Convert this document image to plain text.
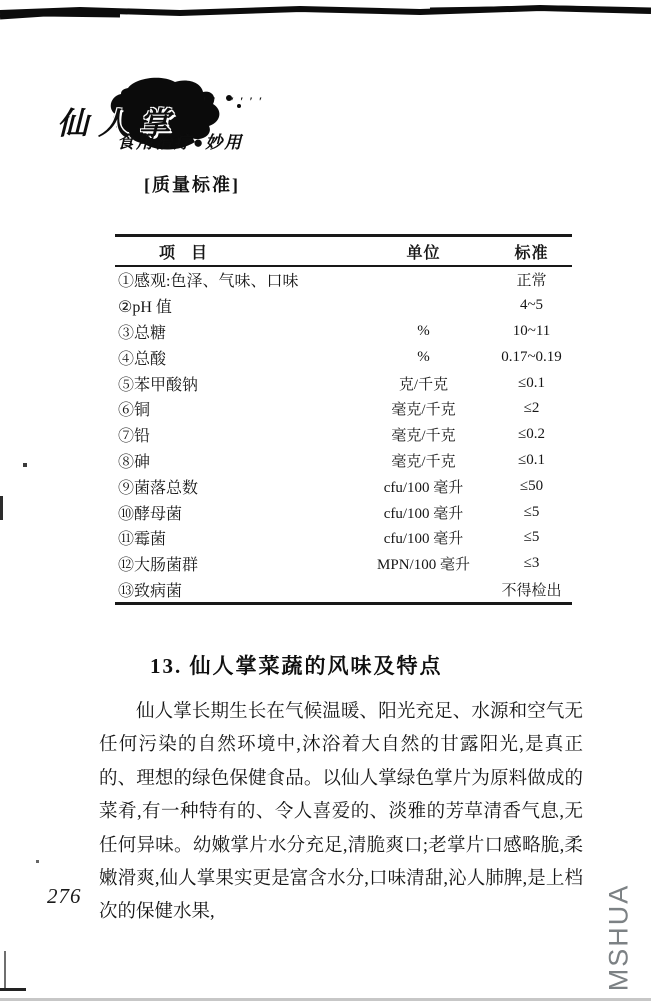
仙人掌
′′ ′′′′
食用治疗●妙用
[质量标准]
项 目	单位	标准
①感观:色泽、气味、口味		正常
②pH 值		4~5
③总糖	%	10~11
④总酸	%	0.17~0.19
⑤苯甲酸钠	克/千克	≤0.1
⑥铜	毫克/千克	≤2
⑦铅	毫克/千克	≤0.2
⑧砷	毫克/千克	≤0.1
⑨菌落总数	cfu/100 毫升	≤50
⑩酵母菌	cfu/100 毫升	≤5
⑪霉菌	cfu/100 毫升	≤5
⑫大肠菌群	MPN/100 毫升	≤3
⑬致病菌		不得检出
13. 仙人掌菜蔬的风味及特点
仙人掌长期生长在气候温暖、阳光充足、水源和空气无任何污染的自然环境中,沐浴着大自然的甘露阳光,是真正的、理想的绿色保健食品。以仙人掌绿色掌片为原料做成的菜肴,有一种特有的、令人喜爱的、淡雅的芳草清香气息,无任何异味。幼嫩掌片水分充足,清脆爽口;老掌片口感略脆,柔嫩滑爽,仙人掌果实更是富含水分,口味清甜,沁人肺脾,是上档次的保健水果,
276	MSHUA
